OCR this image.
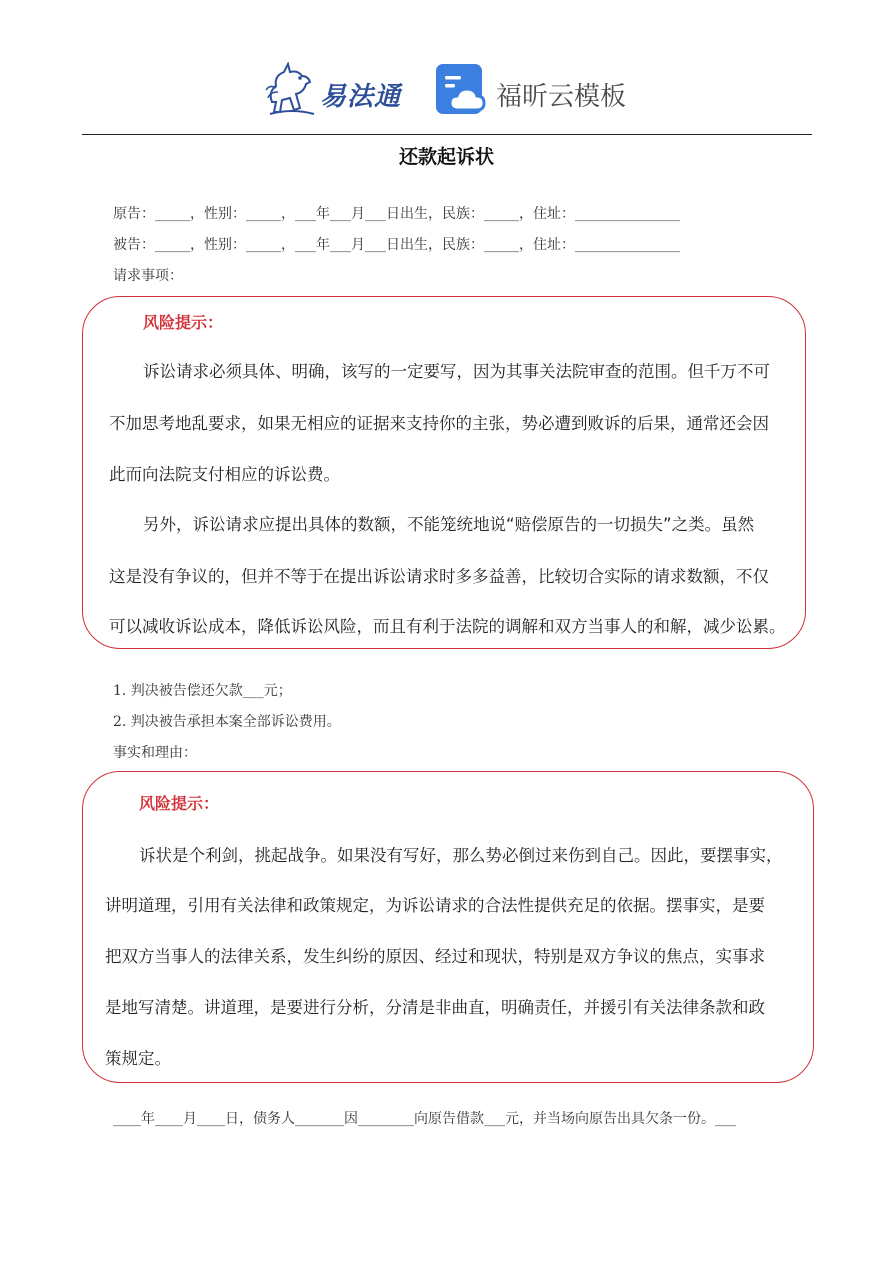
易法通	福昕云模板
还款起诉状
原告：_____，性别：_____，___年___月___日出生，民族：_____，住址：_______________
被告：_____，性别：_____，___年___月___日出生，民族：_____，住址：_______________
请求事项：
风险提示：
诉讼请求必须具体、明确，该写的一定要写，因为其事关法院审查的范围。但千万不可
不加思考地乱要求，如果无相应的证据来支持你的主张，势必遭到败诉的后果，通常还会因
此而向法院支付相应的诉讼费。
另外，诉讼请求应提出具体的数额，不能笼统地说“赔偿原告的一切损失”之类。虽然
这是没有争议的，但并不等于在提出诉讼请求时多多益善，比较切合实际的请求数额，不仅
可以减收诉讼成本，降低诉讼风险，而且有利于法院的调解和双方当事人的和解，减少讼累。
1. 判决被告偿还欠款___元；
2. 判决被告承担本案全部诉讼费用。
事实和理由：
风险提示：
诉状是个利剑，挑起战争。如果没有写好，那么势必倒过来伤到自己。因此，要摆事实，
讲明道理，引用有关法律和政策规定，为诉讼请求的合法性提供充足的依据。摆事实，是要
把双方当事人的法律关系，发生纠纷的原因、经过和现状，特别是双方争议的焦点，实事求
是地写清楚。讲道理，是要进行分析，分清是非曲直，明确责任，并援引有关法律条款和政
策规定。
____年____月____日，债务人_______因________向原告借款___元，并当场向原告出具欠条一份。___
